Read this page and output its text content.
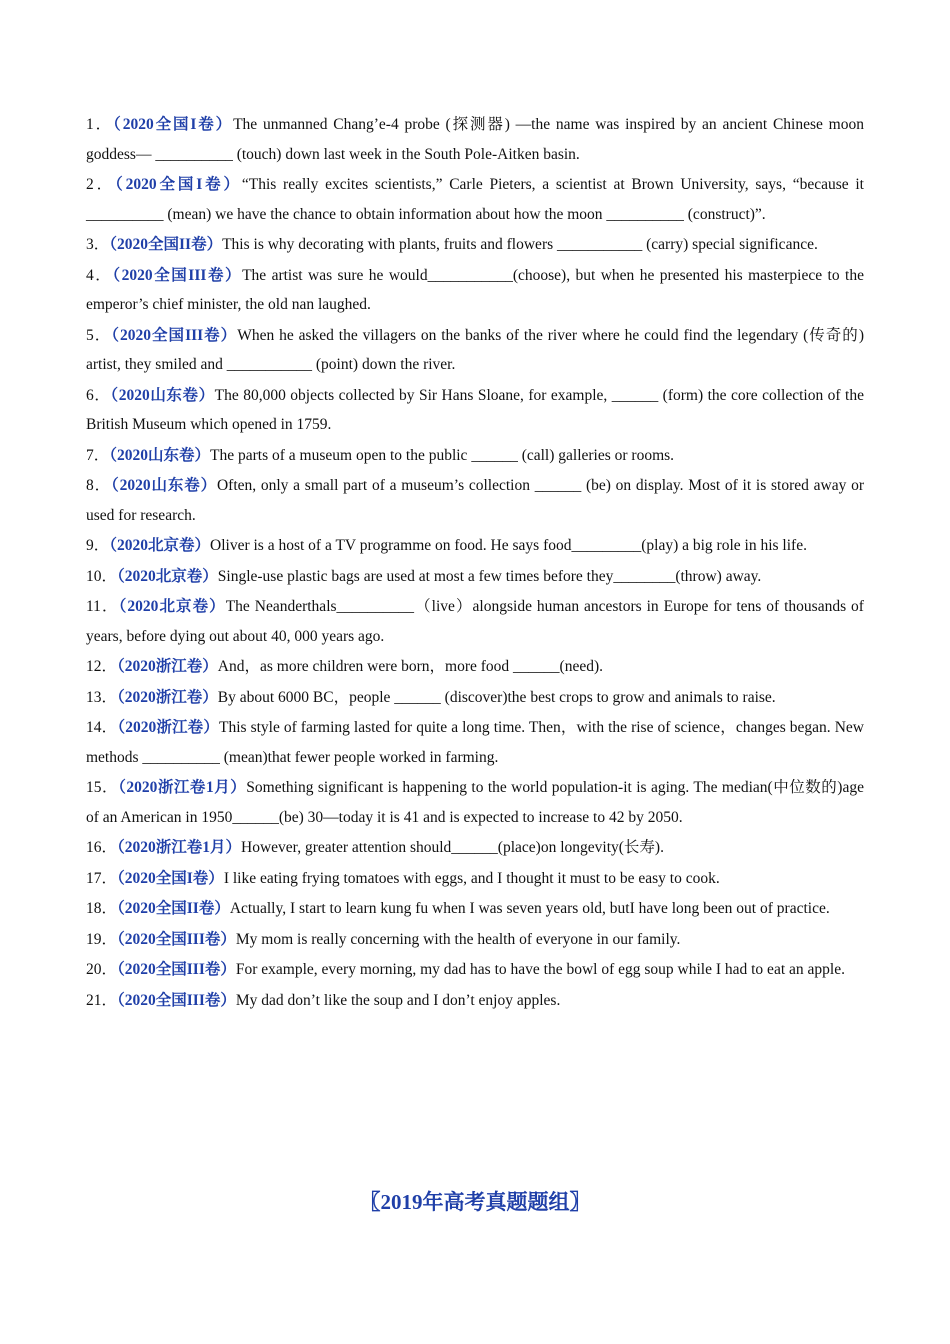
1．（2020全国I卷）The unmanned Chang’e-4 probe (探测器) —the name was inspired by an ancient Chinese moon goddess— __________ (touch) down last week in the South Pole-Aitken basin.

2．（2020全国I卷）“This really excites scientists,” Carle Pieters, a scientist at Brown University, says, “because it __________ (mean) we have the chance to obtain information about how the moon __________ (construct)”.

3．（2020全国II卷）This is why decorating with plants, fruits and flowers ___________ (carry) special significance.

4．（2020全国III卷）The artist was sure he would___________(choose), but when he presented his masterpiece to the emperor’s chief minister, the old nan laughed.

5．（2020全国III卷）When he asked the villagers on the banks of the river where he could find the legendary (传奇的) artist, they smiled and ___________ (point) down the river.

6．（2020山东卷）The 80,000 objects collected by Sir Hans Sloane, for example, ______ (form) the core collection of the British Museum which opened in 1759.

7．（2020山东卷）The parts of a museum open to the public ______ (call) galleries or rooms.

8．（2020山东卷）Often, only a small part of a museum’s collection ______ (be) on display. Most of it is stored away or used for research.

9．（2020北京卷）Oliver is a host of a TV programme on food. He says food_________(play) a big role in his life.

10．（2020北京卷）Single-use plastic bags are used at most a few times before they________(throw) away.

11．（2020北京卷）The Neanderthals__________（live）alongside human ancestors in Europe for tens of thousands of years, before dying out about 40, 000 years ago.

12．（2020浙江卷）And，as more children were born，more food ______(need).

13．（2020浙江卷）By about 6000 BC，people ______ (discover)the best crops to grow and animals to raise.

14．（2020浙江卷）This style of farming lasted for quite a long time. Then，with the rise of science，changes began. New methods __________ (mean)that fewer people worked in farming.

15．（2020浙江卷1月）Something significant is happening to the world population-it is aging. The median(中位数的)age of an American in 1950______(be) 30—today it is 41 and is expected to increase to 42 by 2050.

16．（2020浙江卷1月）However, greater attention should______(place)on longevity(长寿).

17．（2020全国I卷）I like eating frying tomatoes with eggs, and I thought it must to be easy to cook.

18．（2020全国II卷）Actually, I start to learn kung fu when I was seven years old, butI have long been out of practice.

19．（2020全国III卷）My mom is really concerning with the health of everyone in our family.

20．（2020全国III卷）For example, every morning, my dad has to have the bowl of egg soup while I had to eat an apple.

21．（2020全国III卷）My dad don’t like the soup and I don’t enjoy apples.

〖2019年高考真题题组〗
